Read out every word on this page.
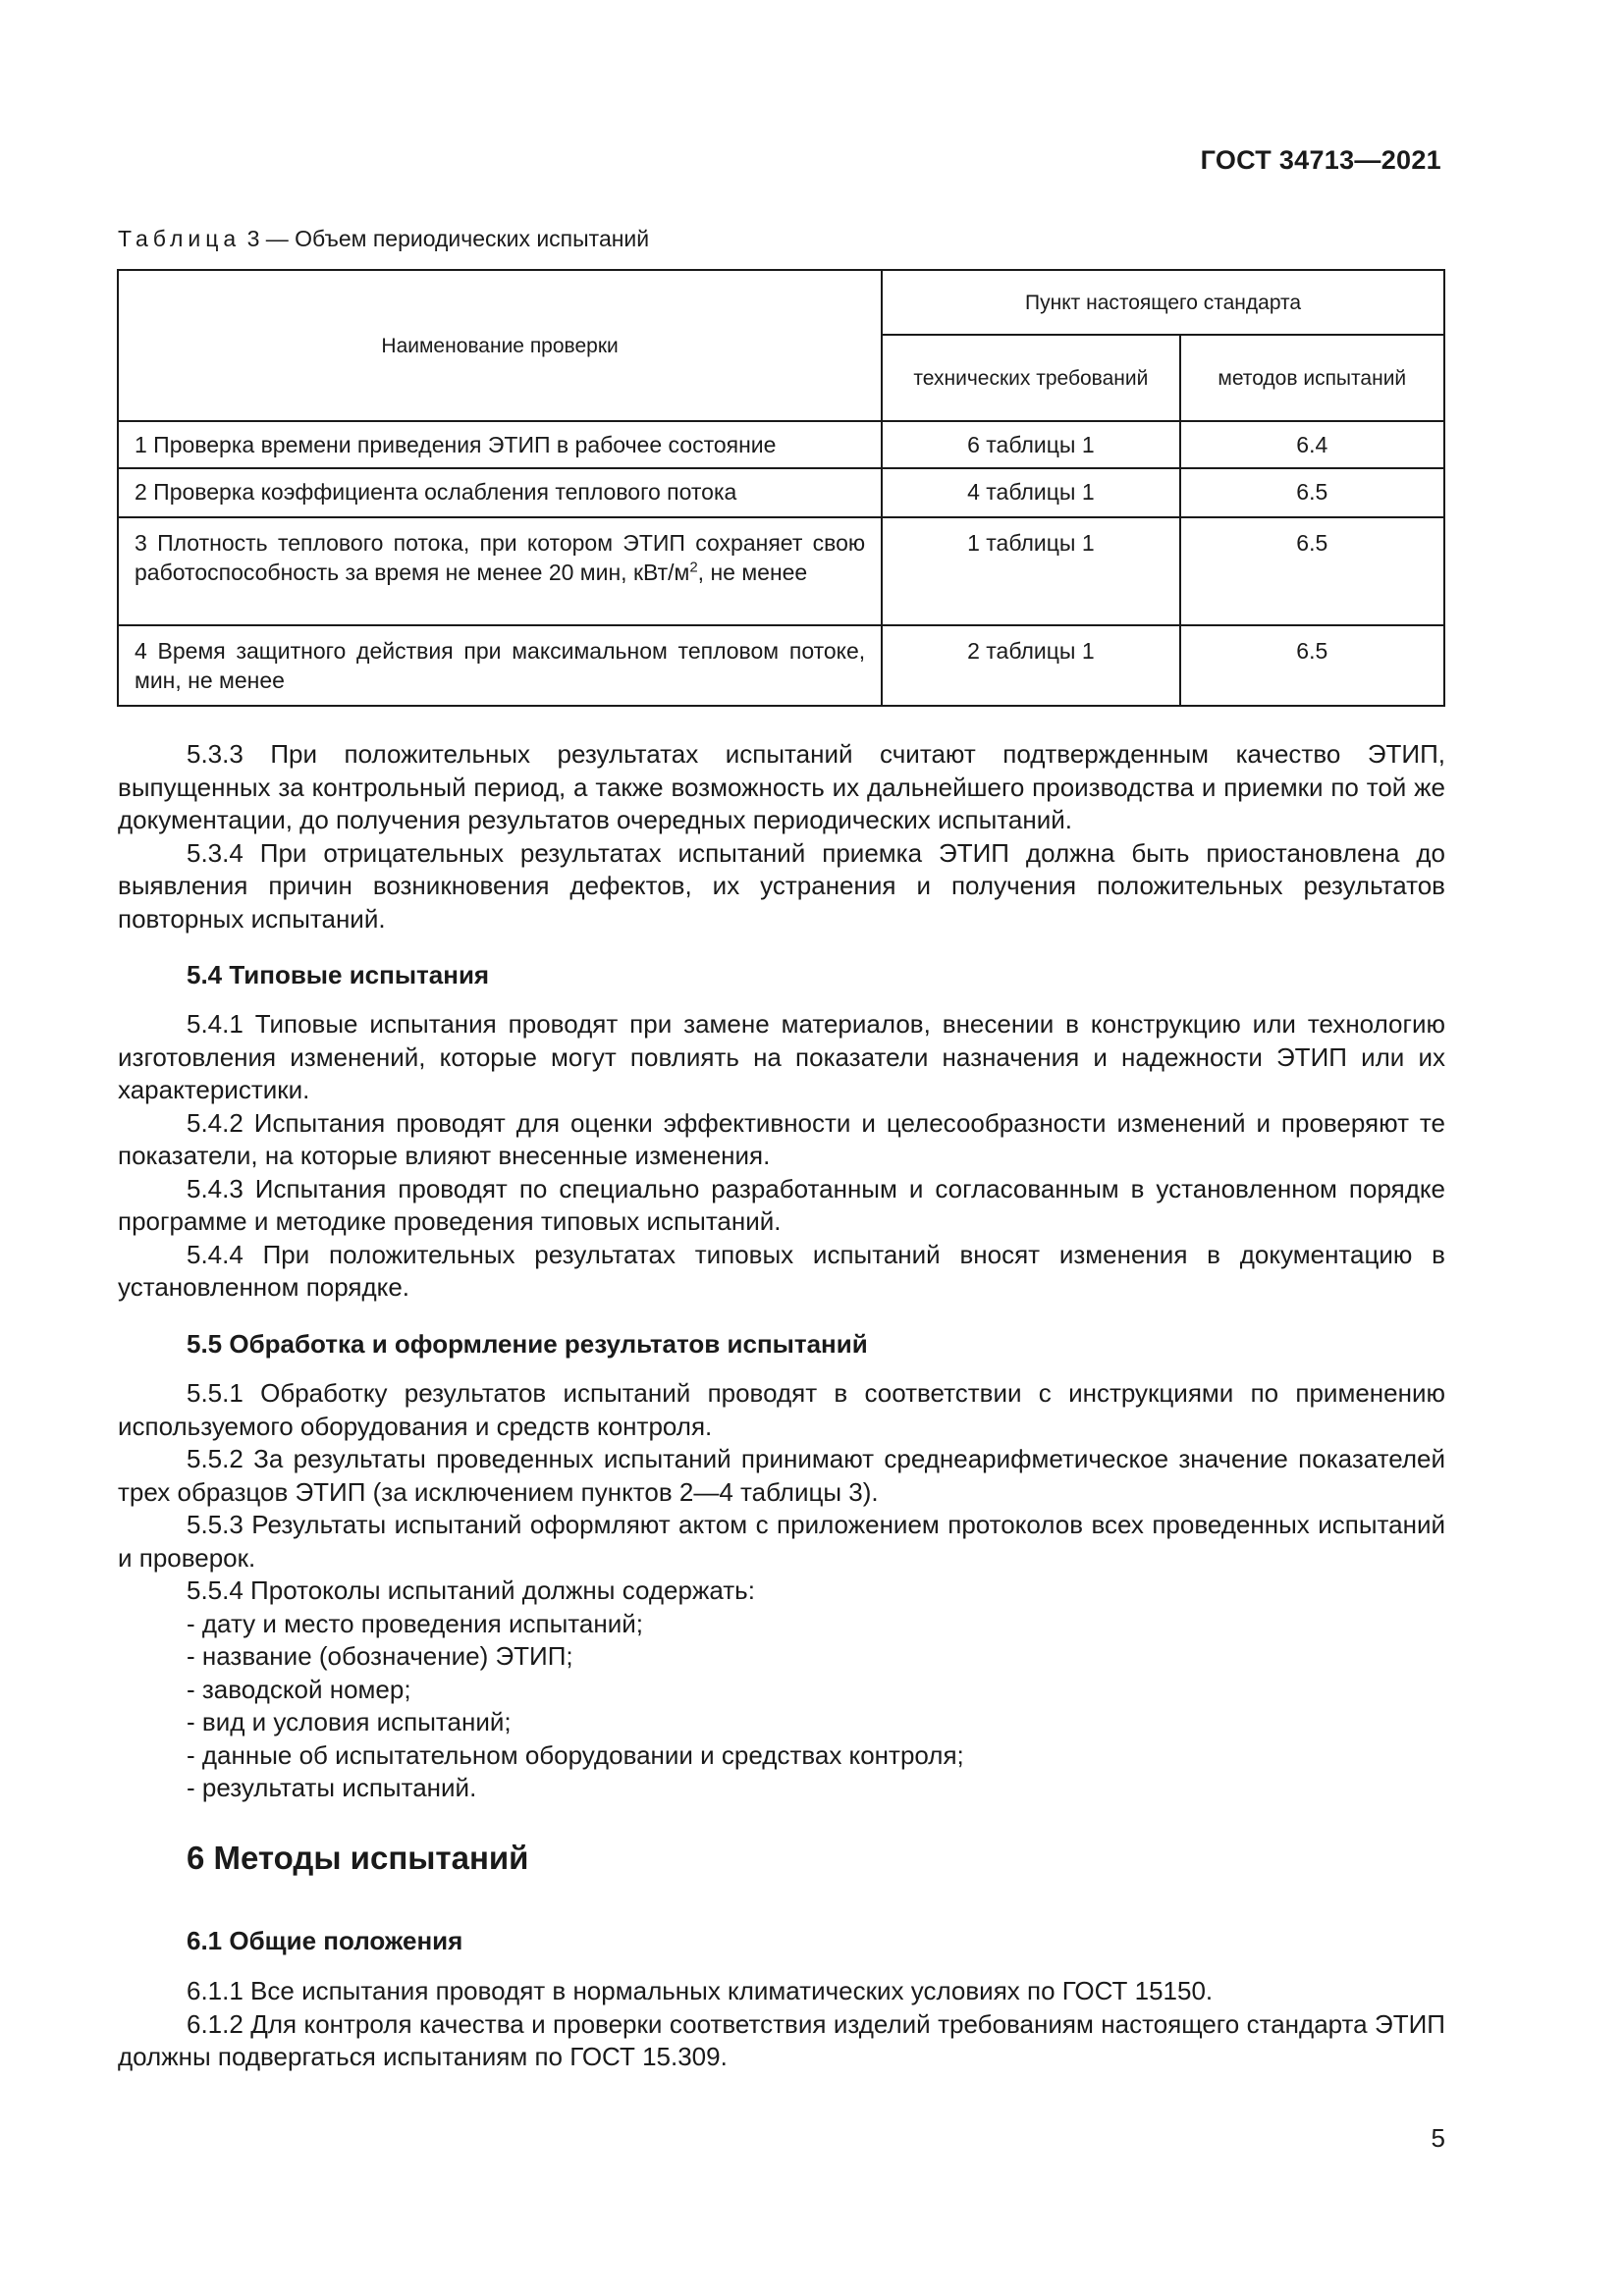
ГОСТ 34713—2021
Таблица 3 — Объем периодических испытаний
Наименование проверки	Пункт настоящего стандарта	
	технических требований	методов испытаний

1 Проверка времени приведения ЭТИП в рабочее состояние	6 таблицы 1	6.4

2 Проверка коэффициента ослабления теплового потока	4 таблицы 1	6.5

3 Плотность теплового потока, при котором ЭТИП сохраняет свою работоспособность за время не менее 20 мин, кВт/$м^2$, не менее	1 таблицы 1	6.5

4 Время защитного действия при максимальном тепловом потоке, мин, не менее	2 таблицы 1	6.5

5.3.3 При положительных результатах испытаний считают подтвержденным качество ЭТИП, выпущенных за контрольный период, а также возможность их дальнейшего производства и приемки по той же документации, до получения результатов очередных периодических испытаний.

5.3.4 При отрицательных результатах испытаний приемка ЭТИП должна быть приостановлена до выявления причин возникновения дефектов, их устранения и получения положительных результатов повторных испытаний.

5.4 Типовые испытания

5.4.1 Типовые испытания проводят при замене материалов, внесении в конструкцию или технологию изготовления изменений, которые могут повлиять на показатели назначения и надежности ЭТИП или их характеристики.

5.4.2 Испытания проводят для оценки эффективности и целесообразности изменений и проверяют те показатели, на которые влияют внесенные изменения.

5.4.3 Испытания проводят по специально разработанным и согласованным в установленном порядке программе и методике проведения типовых испытаний.

5.4.4 При положительных результатах типовых испытаний вносят изменения в документацию в установленном порядке.

5.5 Обработка и оформление результатов испытаний

5.5.1 Обработку результатов испытаний проводят в соответствии с инструкциями по применению используемого оборудования и средств контроля.

5.5.2 За результаты проведенных испытаний принимают среднеарифметическое значение показателей трех образцов ЭТИП (за исключением пунктов 2—4 таблицы 3).

5.5.3 Результаты испытаний оформляют актом с приложением протоколов всех проведенных испытаний и проверок.

5.5.4 Протоколы испытаний должны содержать:

- дату и место проведения испытаний;

- название (обозначение) ЭТИП;

- заводской номер;

- вид и условия испытаний;

- данные об испытательном оборудовании и средствах контроля;

- результаты испытаний.

6 Методы испытаний

6.1 Общие положения

6.1.1 Все испытания проводят в нормальных климатических условиях по ГОСТ 15150.

6.1.2 Для контроля качества и проверки соответствия изделий требованиям настоящего стандарта ЭТИП должны подвергаться испытаниям по ГОСТ 15.309.

5
